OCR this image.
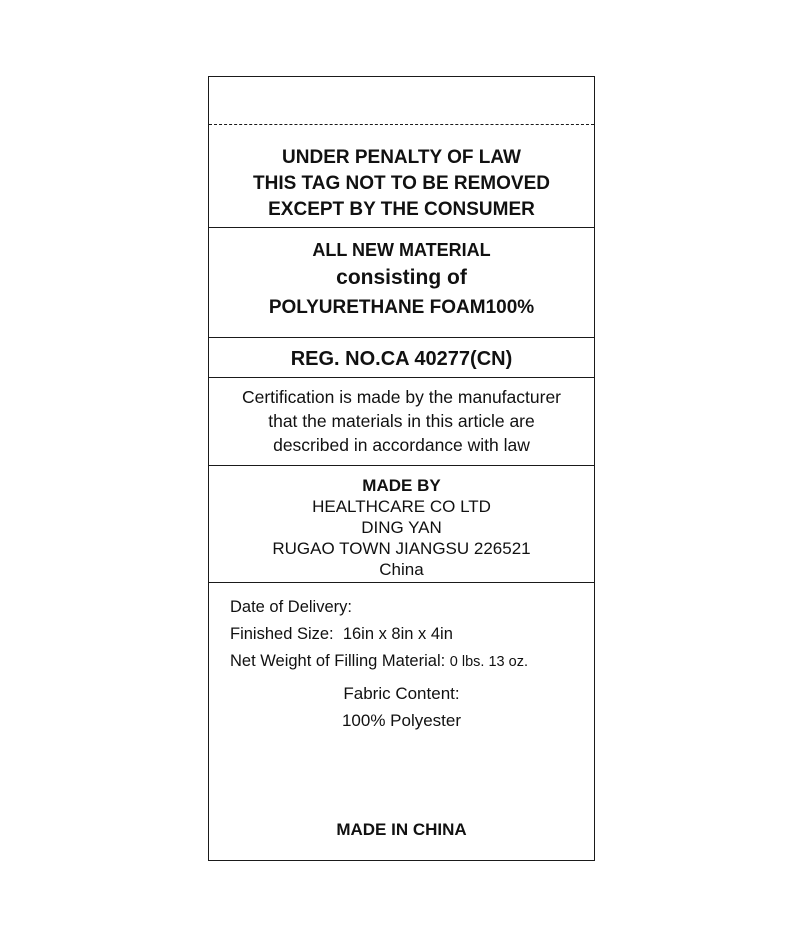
UNDER PENALTY OF LAW
THIS TAG NOT TO BE REMOVED
EXCEPT BY THE CONSUMER
ALL NEW MATERIAL
consisting of
POLYURETHANE FOAM100%
REG. NO.CA 40277(CN)
Certification is made by the manufacturer
that the materials in this article are
described in accordance with law
MADE BY
HEALTHCARE CO LTD
DING YAN
RUGAO TOWN JIANGSU 226521
China
Date of Delivery:
Finished Size: 16in x 8in x 4in
Net Weight of Filling Material: 0 lbs. 13 oz.
Fabric Content:
100% Polyester
MADE IN CHINA
